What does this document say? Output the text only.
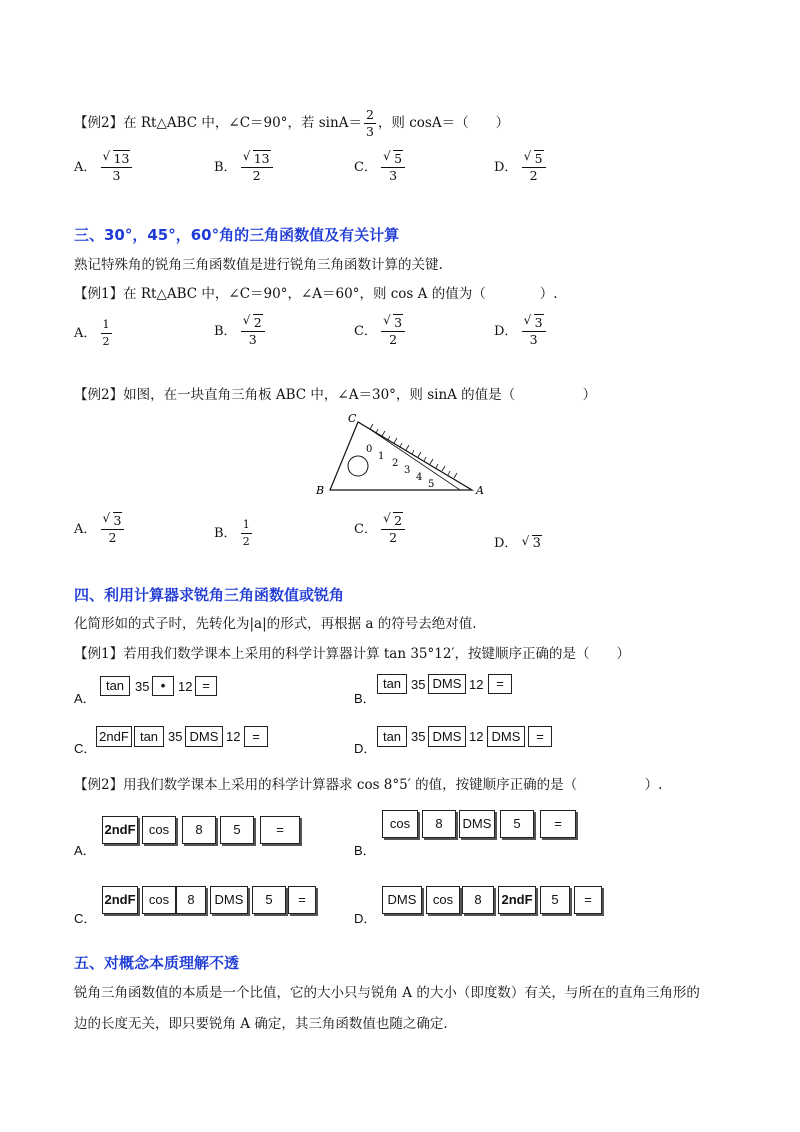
【例2】在 Rt△ABC 中，∠C＝90°，若 $\sin A= \frac{2}{3}$ ，则 cosA＝（　　）
A． √ $\frac{13}{3}$	B． √ $\frac{13}{2}$	C． √ $\frac{5}{3}$	D． √ $\frac{5}{2}$
三、30°，45°，60°角的三角函数值及有关计算
熟记特殊角的锐角三角函数值是进行锐角三角函数计算的关键.
【例1】在 Rt△ABC 中，∠C＝90°，∠A＝60°，则 cos A 的值为（　　　　）.
A． $\frac{1}{2}$	B． √ $\frac{2}{3}$	C． √ $\frac{3}{2}$	D． √ $\frac{3}{3}$
【例2】如图，在一块直角三角板 ABC 中，∠A＝30°，则 sinA 的值是（　　　　　）
0
1
2
3
4
5
C
B	A
A． √ $\frac{3}{2}$	B． $\frac{1}{2}$	C． √ $\frac{2}{2}$	D． √ 3
四、利用计算器求锐角三角函数值或锐角
化简形如的式子时，先转化为|a|的形式，再根据 a 的符号去绝对值.
【例1】若用我们数学课本上采用的科学计算器计算 tan 35°12′，按键顺序正确的是（　　）
A．
tan 35 • 12 =
B．
tan 35 DMS 12 =
C．
2ndF tan 35 DMS 12 =
D．
tan 35 DMS 12 DMS	=
【例2】用我们数学课本上采用的科学计算器求 cos 8°5′ 的值，按键顺序正确的是（　　　　　）.
A．
2ndF	cos	8	5	=
B．
cos	8	DMS	5	=
C．
2ndF	cos	8	DMS	5	=
D．
DMS	cos	8	2ndF	5	=
五、对概念本质理解不透
锐角三角函数值的本质是一个比值，它的大小只与锐角 A 的大小（即度数）有关，与所在的直角三角形的
边的长度无关，即只要锐角 A 确定，其三角函数值也随之确定.
